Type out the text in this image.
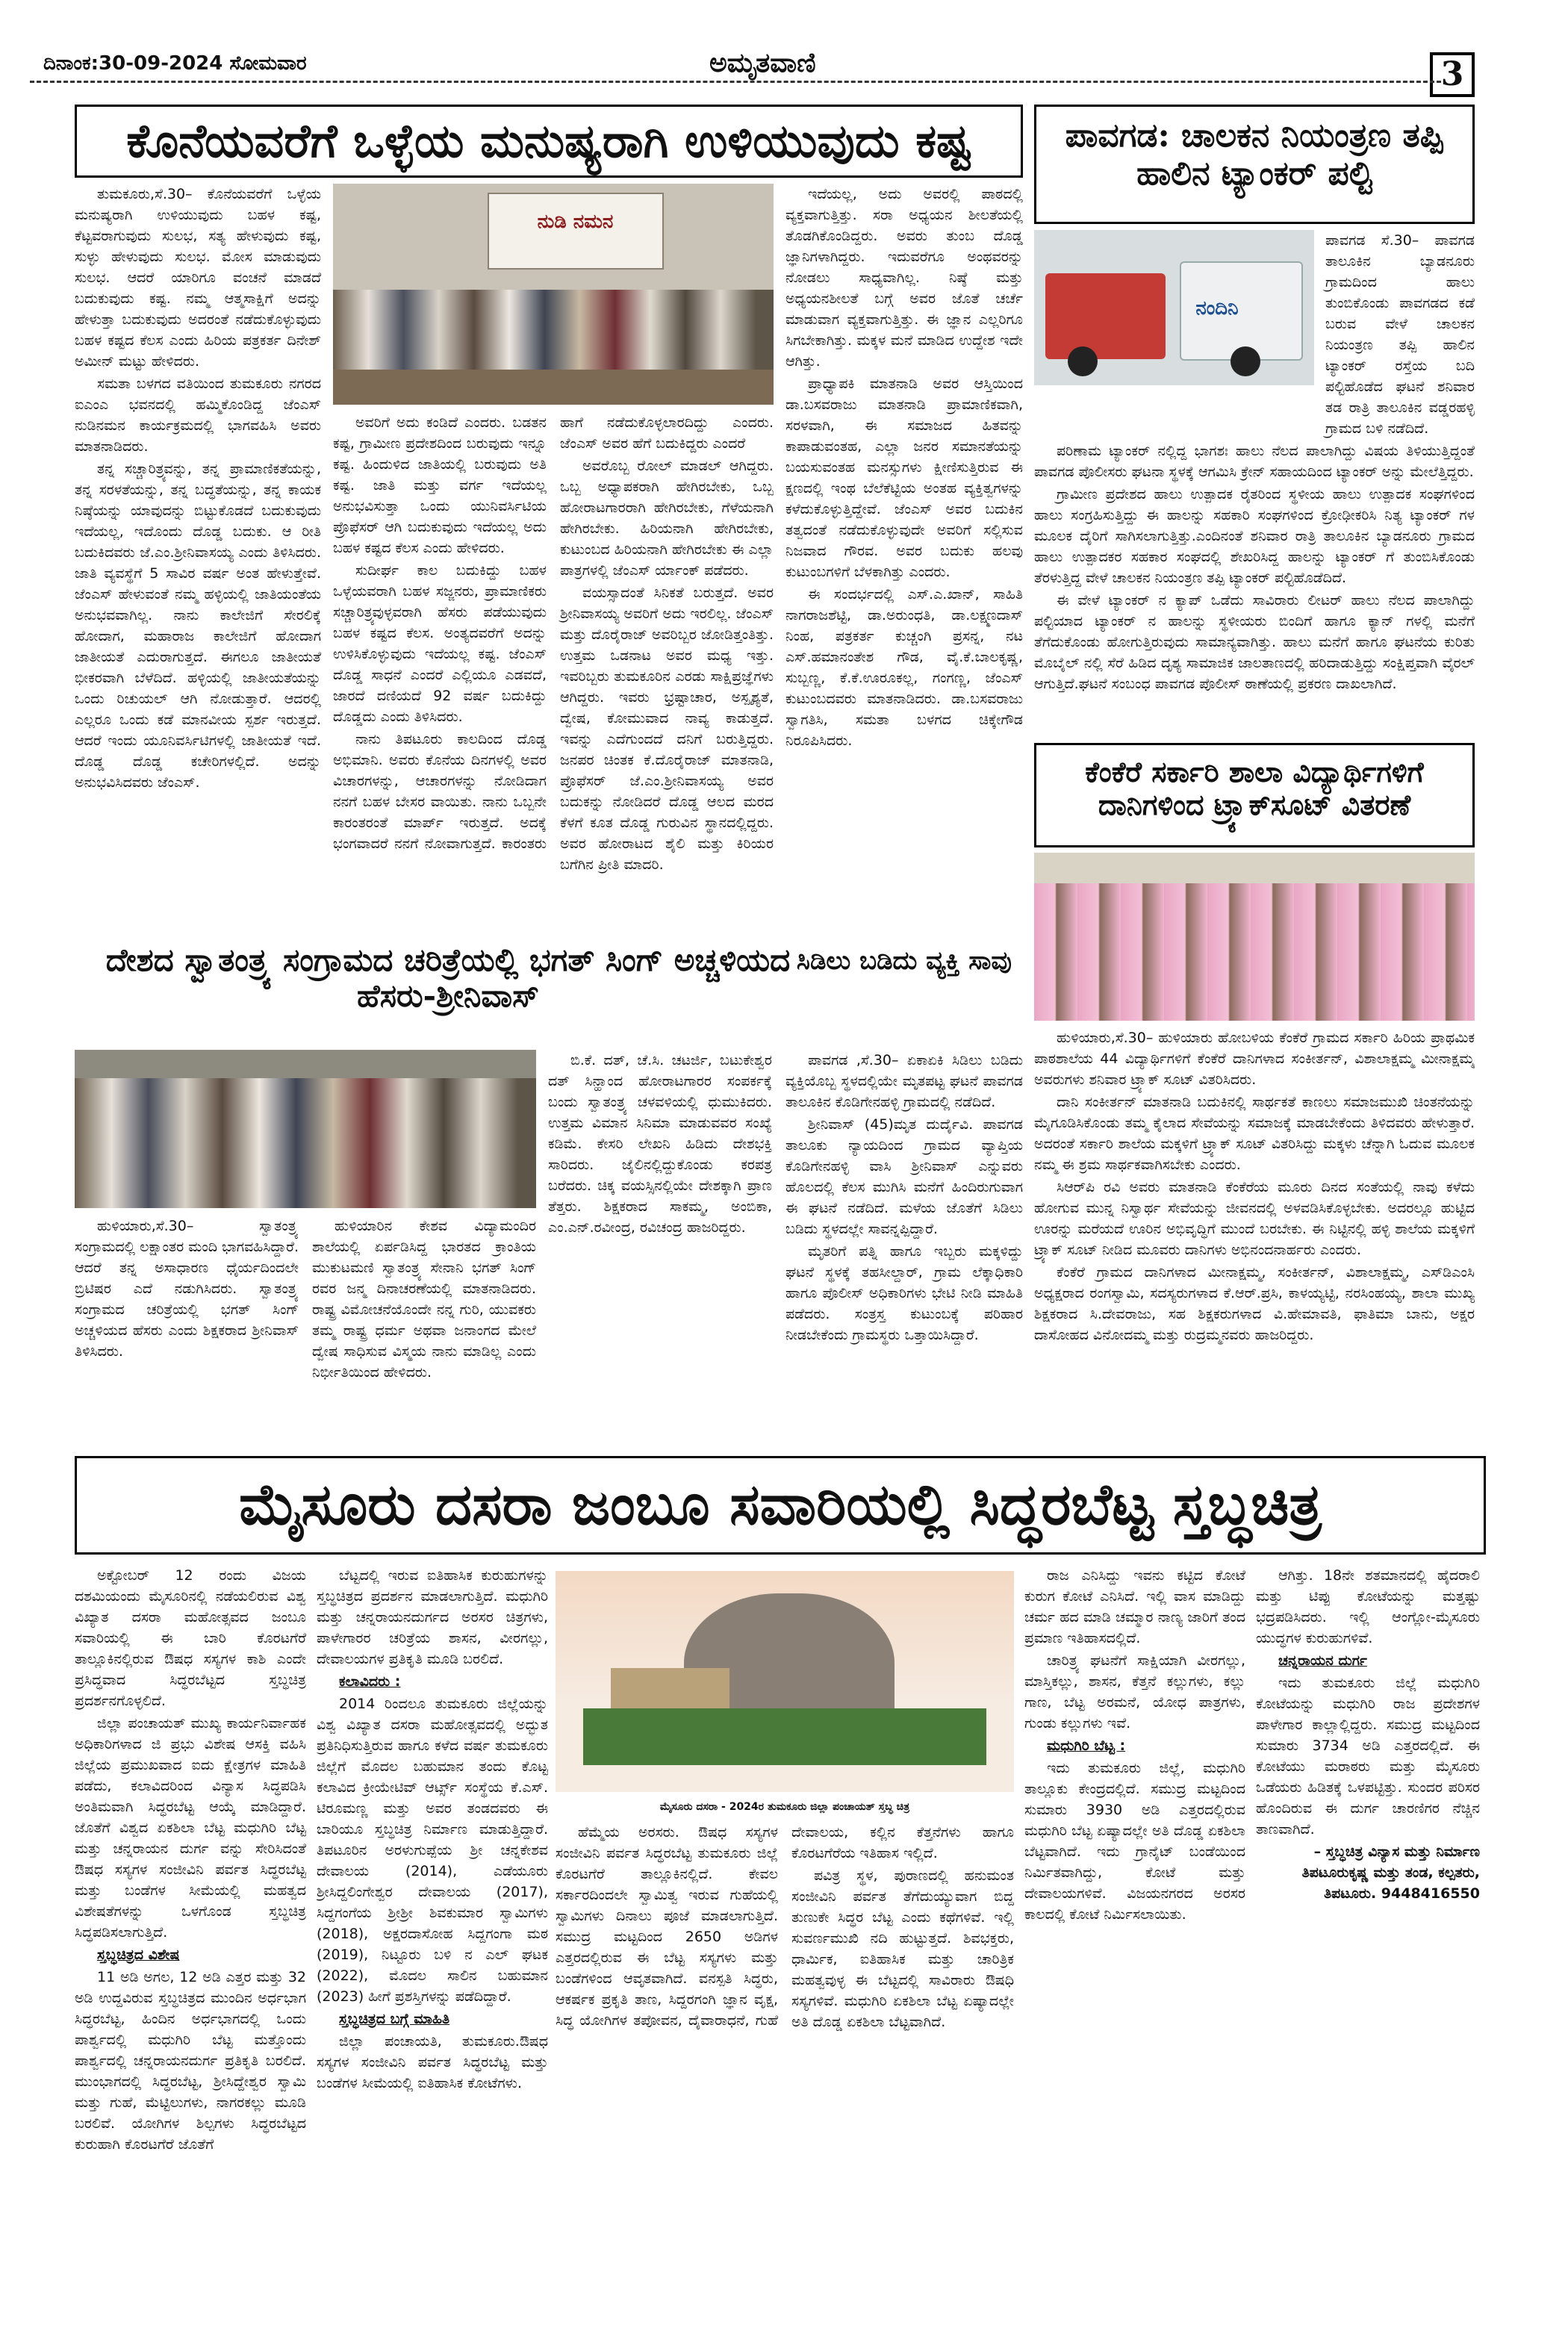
ದಿನಾಂಕ:30-09-2024 ಸೋಮವಾರ	ಅಮೃತವಾಣಿ	3
ಕೊನೆಯವರೆಗೆ ಒಳ್ಳೆಯ ಮನುಷ್ಯರಾಗಿ ಉಳಿಯುವುದು ಕಷ್ಟ
ನುಡಿ ನಮನ

ತುಮಕೂರು,ಸೆ.30– ಕೊನೆಯವರೆಗೆ ಒಳ್ಳೆಯ ಮನುಷ್ಯರಾಗಿ ಉಳಿಯುವುದು ಬಹಳ ಕಷ್ಟ, ಕೆಟ್ಟವರಾಗುವುದು ಸುಲಭ, ಸತ್ಯ ಹೇಳುವುದು ಕಷ್ಟ, ಸುಳ್ಳು ಹೇಳುವುದು ಸುಲಭ. ಮೋಸ ಮಾಡುವುದು ಸುಲಭ. ಆದರೆ ಯಾರಿಗೂ ವಂಚನೆ ಮಾಡದೆ ಬದುಕುವುದು ಕಷ್ಟ. ನಮ್ಮ ಆತ್ಮಸಾಕ್ಷಿಗೆ ಅದನ್ನು ಹೇಳುತ್ತಾ ಬದುಕುವುದು ಅದರಂತೆ ನಡೆದುಕೊಳ್ಳುವುದು ಬಹಳ ಕಷ್ಟದ ಕೆಲಸ ಎಂದು ಹಿರಿಯ ಪತ್ರಕರ್ತ ದಿನೇಶ್ ಅಮೀನ್ ಮಟ್ಟು ಹೇಳಿದರು.

ಸಮತಾ ಬಳಗದ ವತಿಯಿಂದ ತುಮಕೂರು ನಗರದ ಐಎಂಎ ಭವನದಲ್ಲಿ ಹಮ್ಮಿಕೊಂಡಿದ್ದ ಜೆಂಎಸ್ ನುಡಿನಮನ ಕಾರ್ಯಕ್ರಮದಲ್ಲಿ ಭಾಗವಹಿಸಿ ಅವರು ಮಾತನಾಡಿದರು.

ತನ್ನ ಸಚ್ಚಾರಿತ್ರ್ಯವನ್ನು, ತನ್ನ ಪ್ರಾಮಾಣಿಕತೆಯನ್ನು, ತನ್ನ ಸರಳತೆಯನ್ನು, ತನ್ನ ಬದ್ಧತೆಯನ್ನು, ತನ್ನ ಕಾಯಕ ನಿಷ್ಠೆಯನ್ನು ಯಾವುದನ್ನು ಬಿಟ್ಟುಕೊಡದೆ ಬದುಕುವುದು ಇದೆಯಲ್ಲ, ಇದೊಂದು ದೊಡ್ಡ ಬದುಕು. ಆ ರೀತಿ ಬದುಕಿದವರು ಜೆ.ಎಂ.ಶ್ರೀನಿವಾಸಯ್ಯ ಎಂದು ತಿಳಿಸಿದರು. ಜಾತಿ ವ್ಯವಸ್ಥೆಗೆ 5 ಸಾವಿರ ವರ್ಷ ಅಂತ ಹೇಳುತ್ತೇವೆ. ಜೆಂಎಸ್ ಹೇಳುವಂತೆ ನಮ್ಮ ಹಳ್ಳಿಯಲ್ಲಿ ಜಾತಿಯಂತೆಯ ಅನುಭವವಾಗಿಲ್ಲ. ನಾನು ಕಾಲೇಜಿಗೆ ಸೇರಲಿಕ್ಕೆ ಹೋದಾಗ, ಮಹಾರಾಜ ಕಾಲೇಜಿಗೆ ಹೋದಾಗ ಜಾತೀಯತೆ ಎದುರಾಗುತ್ತದೆ. ಈಗಲೂ ಜಾತೀಯತೆ ಭೀಕರವಾಗಿ ಬೆಳೆದಿದೆ. ಹಳ್ಳಿಯಲ್ಲಿ ಜಾತೀಯತೆಯನ್ನು ಒಂದು ರಿಚುಯಲ್ ಆಗಿ ನೋಡುತ್ತಾರೆ. ಆದರಲ್ಲಿ ಎಲ್ಲರೂ ಒಂದು ಕಡೆ ಮಾನವೀಯ ಸ್ಪರ್ಶ ಇರುತ್ತದೆ. ಆದರೆ ಇಂದು ಯೂನಿವರ್ಸಿಟಿಗಳಲ್ಲಿ ಜಾತೀಯತೆ ಇದೆ. ದೊಡ್ಡ ದೊಡ್ಡ ಕಚೇರಿಗಳಲ್ಲಿದೆ. ಅದನ್ನು ಅನುಭವಿಸಿದವರು ಜೆಂಎಸ್.

ಅವರಿಗೆ ಅದು ಕಂಡಿದೆ ಎಂದರು. ಬಡತನ ಕಷ್ಟ, ಗ್ರಾಮೀಣ ಪ್ರದೇಶದಿಂದ ಬರುವುದು ಇನ್ನೂ ಕಷ್ಟ. ಹಿಂದುಳಿದ ಜಾತಿಯಲ್ಲಿ ಬರುವುದು ಅತಿ ಕಷ್ಟ. ಜಾತಿ ಮತ್ತು ವರ್ಗ ಇದೆಯಲ್ಲ ಅನುಭವಿಸುತ್ತಾ ಒಂದು ಯುನಿವರ್ಸಿಟಿಯ ಪ್ರೊಫೆಸರ್ ಆಗಿ ಬದುಕುವುದು ಇದೆಯಲ್ಲ ಅದು ಬಹಳ ಕಷ್ಟದ ಕೆಲಸ ಎಂದು ಹೇಳಿದರು.

ಸುದೀರ್ಘ ಕಾಲ ಬದುಕಿದ್ದು ಬಹಳ ಒಳ್ಳೆಯವರಾಗಿ ಬಹಳ ಸಜ್ಜನರು, ಪ್ರಾಮಾಣಿಕರು ಸಚ್ಚಾರಿತ್ರ್ಯವುಳ್ಳವರಾಗಿ ಹೆಸರು ಪಡೆಯುವುದು ಬಹಳ ಕಷ್ಟದ ಕೆಲಸ. ಅಂತ್ಯದವರೆಗೆ ಅದನ್ನು ಉಳಿಸಿಕೊಳ್ಳುವುದು ಇದೆಯಲ್ಲ ಕಷ್ಟ. ಜೆಂಎಸ್ ದೊಡ್ಡ ಸಾಧನೆ ಎಂದರೆ ಎಲ್ಲಿಯೂ ಎಡವದೆ, ಜಾರದೆ ದಣಿಯದೆ 92 ವರ್ಷ ಬದುಕಿದ್ದು ದೊಡ್ಡದು ಎಂದು ತಿಳಿಸಿದರು.

ನಾನು ತಿಪಟೂರು ಕಾಲದಿಂದ ದೊಡ್ಡ ಅಭಿಮಾನಿ. ಅವರು ಕೊನೆಯ ದಿನಗಳಲ್ಲಿ ಅವರ ವಿಚಾರಗಳನ್ನು, ಆಚಾರಗಳನ್ನು ನೋಡಿದಾಗ ನನಗೆ ಬಹಳ ಬೇಸರ ವಾಯಿತು. ನಾನು ಒಬ್ಬನೇ ಕಾರಂತರಂತೆ ಮಾರ್ಪ್ ಇರುತ್ತದೆ. ಅದಕ್ಕೆ ಭಂಗವಾದರೆ ನನಗೆ ನೋವಾಗುತ್ತದೆ. ಕಾರಂತರು ಹಾಗೆ ನಡೆದುಕೊಳ್ಳಲಾರದಿದ್ದು ಎಂದರು. ಜೆಂಎಸ್ ಅವರ ಹೆಗೆ ಬದುಕಿದ್ದರು ಎಂದರೆ

ಅವರೊಬ್ಬ ರೋಲ್ ಮಾಡಲ್ ಆಗಿದ್ದರು. ಒಬ್ಬ ಅಧ್ಯಾಪಕರಾಗಿ ಹೇಗಿರಬೇಕು, ಒಬ್ಬ ಹೋರಾಟಗಾರರಾಗಿ ಹೇಗಿರಬೇಕು, ಗೆಳೆಯನಾಗಿ ಹೇಗಿರಬೇಕು. ಹಿರಿಯನಾಗಿ ಹೇಗಿರಬೇಕು, ಕುಟುಂಬದ ಹಿರಿಯನಾಗಿ ಹೇಗಿರಬೇಕು ಈ ಎಲ್ಲಾ ಪಾತ್ರಗಳಲ್ಲಿ ಜೆಂಎಸ್ ರ್ಯಾಂಕ್ ಪಡೆದರು.

ವಯಸ್ಸಾದಂತೆ ಸಿನಿಕತೆ ಬರುತ್ತದೆ. ಅವರ ಶ್ರೀನಿವಾಸಯ್ಯ ಅವರಿಗೆ ಅದು ಇರಲಿಲ್ಲ. ಜೆಂಎಸ್ ಮತ್ತು ದೊರೈರಾಜ್ ಅವರಿಬ್ಬರ ಜೋಡಿತ್ತಂತಿತ್ತು. ಉತ್ತಮ ಒಡನಾಟ ಅವರ ಮಧ್ಯ ಇತ್ತು. ಇವರಿಬ್ಬರು ತುಮಕೂರಿನ ಎರಡು ಸಾಕ್ಷಿಪ್ರಜ್ಞೆಗಳು ಆಗಿದ್ದರು. ಇವರು ಭ್ರಷ್ಟಾಚಾರ, ಅಸ್ಪೃಶ್ಯತೆ, ದ್ವೇಷ, ಕೋಮುವಾದ ನಾವ್ಯ ಕಾಡುತ್ತದೆ. ಇವನ್ನು ಎದೆಗುಂದದೆ ದನಿಗೆ ಬರುತ್ತಿದ್ದರು. ಜನಪರ ಚಿಂತಕ ಕೆ.ದೊರೈರಾಜ್ ಮಾತನಾಡಿ, ಪ್ರೊಫೆಸರ್ ಜೆ.ಎಂ.ಶ್ರೀನಿವಾಸಯ್ಯ ಅವರ ಬದುಕನ್ನು ನೋಡಿದರೆ ದೊಡ್ಡ ಆಲದ ಮರದ ಕೆಳಗೆ ಕೂತ ದೊಡ್ಡ ಗುರುವಿನ ಸ್ಥಾನದಲ್ಲಿದ್ದರು. ಅವರ ಹೋರಾಟದ ಶೈಲಿ ಮತ್ತು ಕಿರಿಯರ ಬಗೆಗಿನ ಪ್ರೀತಿ ಮಾದರಿ.

ಇದೆಯಲ್ಲ, ಅದು ಅವರಲ್ಲಿ ಪಾಠದಲ್ಲಿ ವ್ಯಕ್ತವಾಗುತ್ತಿತ್ತು. ಸರಾ ಅಧ್ಯಯನ ಶೀಲತೆಯಲ್ಲಿ ತೊಡಗಿಕೊಂಡಿದ್ದರು. ಅವರು ತುಂಬ ದೊಡ್ಡ ಜ್ಞಾನಿಗಳಾಗಿದ್ದರು. ಇದುವರೆಗೂ ಅಂಥವರನ್ನು ನೋಡಲು ಸಾಧ್ಯವಾಗಿಲ್ಲ. ನಿಷ್ಠೆ ಮತ್ತು ಅಧ್ಯಯನಶೀಲತೆ ಬಗ್ಗೆ ಅವರ ಜೊತೆ ಚರ್ಚೆ ಮಾಡುವಾಗ ವ್ಯಕ್ತವಾಗುತ್ತಿತ್ತು. ಈ ಜ್ಞಾನ ಎಲ್ಲರಿಗೂ ಸಿಗಬೇಕಾಗಿತ್ತು. ಮಕ್ಕಳ ಮನೆ ಮಾಡಿದ ಉದ್ದೇಶ ಇದೇ ಆಗಿತ್ತು.

ಪ್ರಾಧ್ಯಾಪಕಿ ಮಾತನಾಡಿ ಅವರ ಆಸ್ತಿಯಿಂದ ಡಾ.ಬಸವರಾಜು ಮಾತನಾಡಿ ಪ್ರಾಮಾಣಿಕವಾಗಿ, ಸರಳವಾಗಿ, ಈ ಸಮಾಜದ ಹಿತವನ್ನು ಕಾಪಾಡುವಂತಹ, ಎಲ್ಲಾ ಜನರ ಸಮಾನತೆಯನ್ನು ಬಯಸುವಂತಹ ಮನಸ್ಸುಗಳು ಕ್ಷೀಣಿಸುತ್ತಿರುವ ಈ ಕ್ಷಣದಲ್ಲಿ ಇಂಥ ಬೆಲೆಕೆಟ್ಟಿಯ ಅಂತಹ ವ್ಯಕ್ತಿತ್ವಗಳನ್ನು ಕಳೆದುಕೊಳ್ಳುತ್ತಿದ್ದೇವೆ. ಜೆಂಎಸ್ ಅವರ ಬದುಕಿನ ತತ್ವದಂತೆ ನಡೆದುಕೊಳ್ಳುವುದೇ ಅವರಿಗೆ ಸಲ್ಲಿಸುವ ನಿಜವಾದ ಗೌರವ. ಅವರ ಬದುಕು ಹಲವು ಕುಟುಂಬಗಳಿಗೆ ಬೆಳಕಾಗಿತ್ತು ಎಂದರು.

ಈ ಸಂದರ್ಭದಲ್ಲಿ ಎಸ್.ಎ.ಖಾನ್, ಸಾಹಿತಿ ನಾಗರಾಜಶೆಟ್ಟಿ, ಡಾ.ಅರುಂಧತಿ, ಡಾ.ಲಕ್ಷ್ಮಣದಾಸ್ ನಿಂಹ, ಪತ್ರಕರ್ತ ಕುಚ್ಚಂಗಿ ಪ್ರಸನ್ನ, ನಟ ಎಸ್.ಹಮಾನಂತೇಶ ಗೌಡ, ವೈ.ಕೆ.ಬಾಲಕೃಷ್ಣ, ಸುಬ್ಬಣ್ಣ, ಕೆ.ಕೆ.ಊರೂಕಲ್ಲ, ಗಂಗಣ್ಣ, ಜೆಂಎಸ್ ಕುಟುಂಬದವರು ಮಾತನಾಡಿದರು. ಡಾ.ಬಸವರಾಜು ಸ್ವಾಗತಿಸಿ, ಸಮತಾ ಬಳಗದ ಚಿಕ್ಕೇಗೌಡ ನಿರೂಪಿಸಿದರು.

ಪಾವಗಡ: ಚಾಲಕನ ನಿಯಂತ್ರಣ ತಪ್ಪಿ ಹಾಲಿನ ಟ್ಯಾಂಕರ್ ಪಲ್ಟಿ
ನಂದಿನಿ

ಪಾವಗಡ ಸೆ.30– ಪಾವಗಡ ತಾಲೂಕಿನ ಬ್ಯಾಡನೂರು ಗ್ರಾಮದಿಂದ ಹಾಲು ತುಂಬಿಕೊಂಡು ಪಾವಗಡದ ಕಡೆ ಬರುವ ವೇಳೆ ಚಾಲಕನ ನಿಯಂತ್ರಣ ತಪ್ಪಿ ಹಾಲಿನ ಟ್ಯಾಂಕರ್ ರಸ್ತೆಯ ಬದಿ ಪಲ್ಟಿಹೊಡೆದ ಘಟನೆ ಶನಿವಾರ ತಡ ರಾತ್ರಿ ತಾಲೂಕಿನ ವಡ್ಡರಹಳ್ಳಿ ಗ್ರಾಮದ ಬಳಿ ನಡೆದಿದೆ.

ಪರಿಣಾಮ ಟ್ಯಾಂಕರ್ ನಲ್ಲಿದ್ದ ಭಾಗಶಃ ಹಾಲು ನೆಲದ ಪಾಲಾಗಿದ್ದು ವಿಷಯ ತಿಳಿಯುತ್ತಿದ್ದಂತೆ ಪಾವಗಡ ಪೊಲೀಸರು ಘಟನಾ ಸ್ಥಳಕ್ಕೆ ಆಗಮಿಸಿ ಕ್ರೇನ್ ಸಹಾಯದಿಂದ ಟ್ಯಾಂಕರ್ ಅನ್ನು ಮೇಲೆತ್ತಿದ್ದರು.

ಗ್ರಾಮೀಣ ಪ್ರದೇಶದ ಹಾಲು ಉತ್ಪಾದಕ ರೈತರಿಂದ ಸ್ಥಳೀಯ ಹಾಲು ಉತ್ಪಾದಕ ಸಂಘಗಳಿಂದ ಹಾಲು ಸಂಗ್ರಹಿಸುತ್ತಿದ್ದು ಈ ಹಾಲನ್ನು ಸಹಕಾರಿ ಸಂಘಗಳಿಂದ ಕ್ರೋಢೀಕರಿಸಿ ನಿತ್ಯ ಟ್ಯಾಂಕರ್ ಗಳ ಮೂಲಕ ದೈರಿಗೆ ಸಾಗಿಸಲಾಗುತ್ತಿತ್ತು.ಎಂದಿನಂತೆ ಶನಿವಾರ ರಾತ್ರಿ ತಾಲೂಕಿನ ಬ್ಯಾಡನೂರು ಗ್ರಾಮದ ಹಾಲು ಉತ್ಪಾದಕರ ಸಹಕಾರ ಸಂಘದಲ್ಲಿ ಶೇಖರಿಸಿದ್ದ ಹಾಲನ್ನು ಟ್ಯಾಂಕರ್ ಗೆ ತುಂಬಿಸಿಕೊಂಡು ತೆರಳುತ್ತಿದ್ದ ವೇಳೆ ಚಾಲಕನ ನಿಯಂತ್ರಣ ತಪ್ಪಿ ಟ್ಯಾಂಕರ್ ಪಲ್ಟಿಹೊಡೆದಿದೆ.

ಈ ವೇಳೆ ಟ್ಯಾಂಕರ್ ನ ಕ್ಯಾಪ್ ಒಡೆದು ಸಾವಿರಾರು ಲೀಟರ್ ಹಾಲು ನೆಲದ ಪಾಲಾಗಿದ್ದು ಪಲ್ಟಿಯಾದ ಟ್ಯಾಂಕರ್ ನ ಹಾಲನ್ನು ಸ್ಥಳೀಯರು ಬಿಂದಿಗೆ ಹಾಗೂ ಕ್ಯಾನ್ ಗಳಲ್ಲಿ ಮನೆಗೆ ತೆಗೆದುಕೊಂಡು ಹೋಗುತ್ತಿರುವುದು ಸಾಮಾನ್ಯವಾಗಿತ್ತು. ಹಾಲು ಮನೆಗೆ ಹಾಗೂ ಘಟನೆಯ ಕುರಿತು ಮೊಬೈಲ್ ನಲ್ಲಿ ಸೆರೆ ಹಿಡಿದ ದೃಶ್ಯ ಸಾಮಾಜಿಕ ಜಾಲತಾಣದಲ್ಲಿ ಹರಿದಾಡುತ್ತಿದ್ದು ಸಂಕ್ಷಿಪ್ತವಾಗಿ ವೈರಲ್ ಆಗುತ್ತಿದೆ.ಘಟನೆ ಸಂಬಂಧ ಪಾವಗಡ ಪೊಲೀಸ್ ಠಾಣೆಯಲ್ಲಿ ಪ್ರಕರಣ ದಾಖಲಾಗಿದೆ.

ಕೆಂಕೆರೆ ಸರ್ಕಾರಿ ಶಾಲಾ ವಿದ್ಯಾರ್ಥಿಗಳಿಗೆ ದಾನಿಗಳಿಂದ ಟ್ರ್ಯಾಕ್‌ಸೂಟ್ ವಿತರಣೆ

ಹುಳಿಯಾರು,ಸೆ.30– ಹುಳಿಯಾರು ಹೋಬಳಿಯ ಕೆಂಕೆರೆ ಗ್ರಾಮದ ಸರ್ಕಾರಿ ಹಿರಿಯ ಪ್ರಾಥಮಿಕ ಪಾಠಶಾಲೆಯ 44 ವಿದ್ಯಾರ್ಥಿಗಳಿಗೆ ಕೆಂಕೆರೆ ದಾನಿಗಳಾದ ಸಂಕೀರ್ತನ್, ವಿಶಾಲಾಕ್ಷಮ್ಮ ಮೀನಾಕ್ಷಮ್ಮ ಅವರುಗಳು ಶನಿವಾರ ಟ್ರ್ಯಾಕ್ ಸೂಟ್ ವಿತರಿಸಿದರು.

ದಾನಿ ಸಂಕೀರ್ತನ್ ಮಾತನಾಡಿ ಬದುಕಿನಲ್ಲಿ ಸಾರ್ಥಕತೆ ಕಾಣಲು ಸಮಾಜಮುಖಿ ಚಿಂತನೆಯನ್ನು ಮೈಗೂಡಿಸಿಕೊಂಡು ತಮ್ಮ ಕೈಲಾದ ಸೇವೆಯನ್ನು ಸಮಾಜಕ್ಕೆ ಮಾಡಬೇಕೆಂದು ತಿಳಿದವರು ಹೇಳುತ್ತಾರೆ. ಅದರಂತೆ ಸರ್ಕಾರಿ ಶಾಲೆಯ ಮಕ್ಕಳಿಗೆ ಟ್ರ್ಯಾಕ್ ಸೂಟ್ ವಿತರಿಸಿದ್ದು ಮಕ್ಕಳು ಚೆನ್ನಾಗಿ ಓದುವ ಮೂಲಕ ನಮ್ಮ ಈ ಶ್ರಮ ಸಾರ್ಥಕವಾಗಿಸಬೇಕು ಎಂದರು.

ಸಿಆರ್‌ಪಿ ರವಿ ಅವರು ಮಾತನಾಡಿ ಕೆಂಕೆರೆಯ ಮೂರು ದಿನದ ಸಂತೆಯಲ್ಲಿ ನಾವು ಕಳೆದು ಹೋಗುವ ಮುನ್ನ ನಿಸ್ವಾರ್ಥ ಸೇವೆಯನ್ನು ಜೀವನದಲ್ಲಿ ಅಳವಡಿಸಿಕೊಳ್ಳಬೇಕು. ಅದರಲ್ಲೂ ಹುಟ್ಟಿದ ಊರನ್ನು ಮರೆಯದೆ ಊರಿನ ಅಭಿವೃದ್ಧಿಗೆ ಮುಂದೆ ಬರಬೇಕು. ಈ ನಿಟ್ಟಿನಲ್ಲಿ ಹಳ್ಳಿ ಶಾಲೆಯ ಮಕ್ಕಳಿಗೆ ಟ್ರ್ಯಾಕ್ ಸೂಟ್ ನೀಡಿದ ಮೂವರು ದಾನಿಗಳು ಅಭಿನಂದನಾರ್ಹರು ಎಂದರು.

ಕೆಂಕೆರೆ ಗ್ರಾಮದ ದಾನಿಗಳಾದ ಮೀನಾಕ್ಷಮ್ಮ, ಸಂಕೀರ್ತನ್, ವಿಶಾಲಾಕ್ಷಮ್ಮ, ಎಸ್‌ಡಿಎಂಸಿ ಅಧ್ಯಕ್ಷರಾದ ರಂಗಸ್ವಾಮಿ, ಸದಸ್ಯರುಗಳಾದ ಕೆ.ಆರ್.ಪ್ರಸಿ, ಕಾಳಯ್ಯಟ್ಟಿ, ನರಸಿಂಹಯ್ಯ, ಶಾಲಾ ಮುಖ್ಯ ಶಿಕ್ಷಕರಾದ ಸಿ.ದೇವರಾಜು, ಸಹ ಶಿಕ್ಷಕರುಗಳಾದ ವಿ.ಹೇಮಾವತಿ, ಫಾತಿಮಾ ಬಾನು, ಅಕ್ಷರ ದಾಸೋಹದ ವಿನೋದಮ್ಮ ಮತ್ತು ರುದ್ರಮ್ಮನವರು ಹಾಜರಿದ್ದರು.

ದೇಶದ ಸ್ವಾತಂತ್ರ್ಯ ಸಂಗ್ರಾಮದ ಚರಿತ್ರೆಯಲ್ಲಿ ಭಗತ್ ಸಿಂಗ್ ಅಚ್ಚಳಿಯದ ಹೆಸರು-ಶ್ರೀನಿವಾಸ್

ಹುಳಿಯಾರು,ಸೆ.30– ಸ್ವಾತಂತ್ರ್ಯ ಸಂಗ್ರಾಮದಲ್ಲಿ ಲಕ್ಷಾಂತರ ಮಂದಿ ಭಾಗವಹಿಸಿದ್ದಾರೆ. ಆದರೆ ತನ್ನ ಅಸಾಧಾರಣ ಧೈರ್ಯದಿಂದಲೇ ಬ್ರಿಟಿಷರ ಎದೆ ನಡುಗಿಸಿದರು. ಸ್ವಾತಂತ್ರ್ಯ ಸಂಗ್ರಾಮದ ಚರಿತ್ರೆಯಲ್ಲಿ ಭಗತ್ ಸಿಂಗ್ ಅಚ್ಚಳಿಯದ ಹೆಸರು ಎಂದು ಶಿಕ್ಷಕರಾದ ಶ್ರೀನಿವಾಸ್ ತಿಳಿಸಿದರು.

ಹುಳಿಯಾರಿನ ಕೇಶವ ವಿದ್ಯಾಮಂದಿರ ಶಾಲೆಯಲ್ಲಿ ಏರ್ಪಡಿಸಿದ್ದ ಭಾರತದ ಕ್ರಾಂತಿಯ ಮುಕುಟಮಣಿ ಸ್ವಾತಂತ್ರ್ಯ ಸೇನಾನಿ ಭಗತ್ ಸಿಂಗ್ ರವರ ಜನ್ಮ ದಿನಾಚರಣೆಯಲ್ಲಿ ಮಾತನಾಡಿದರು. ರಾಷ್ಟ್ರ ವಿಮೋಚನೆಯೊಂದೇ ನನ್ನ ಗುರಿ, ಯುವಕರು ತಮ್ಮ ರಾಷ್ಟ್ರ ಧರ್ಮ ಅಥವಾ ಜನಾಂಗದ ಮೇಲೆ ದ್ವೇಷ ಸಾಧಿಸುವ ವಿಸ್ಮಯ ನಾನು ಮಾಡಿಲ್ಲ ಎಂದು ನಿರ್ಭೀತಿಯಿಂದ ಹೇಳಿದರು.

ಬಿ.ಕೆ. ದತ್, ಚೆ.ಸಿ. ಚಟರ್ಜಿ, ಬಟುಕೇಶ್ವರ ದತ್ ಸಿನ್ಹಾಂದ ಹೋರಾಟಗಾರರ ಸಂಪರ್ಕಕ್ಕೆ ಬಂದು ಸ್ವಾತಂತ್ರ್ಯ ಚಳವಳಿಯಲ್ಲಿ ಧುಮುಕಿದರು. ಉತ್ತಮ ವಿಮಾನ ಸಿನಿಮಾ ಮಾಡುವವರ ಸಂಖ್ಯೆ ಕಡಿಮೆ. ಕೇಸರಿ ಲೇಖನಿ ಹಿಡಿದು ದೇಶಭಕ್ತಿ ಸಾರಿದರು. ಜೈಲಿನಲ್ಲಿದ್ದುಕೊಂಡು ಕರಪತ್ರ ಬರೆದರು. ಚಿಕ್ಕ ವಯಸ್ಸಿನಲ್ಲಿಯೇ ದೇಶಕ್ಕಾಗಿ ಪ್ರಾಣ ತೆತ್ತರು. ಶಿಕ್ಷಕರಾದ ಸಾಕಮ್ಮ, ಅಂಬಿಕಾ, ಎಂ.ಎನ್.ರವೀಂದ್ರ, ರವಿಚಂದ್ರ ಹಾಜರಿದ್ದರು.

ಸಿಡಿಲು ಬಡಿದು ವ್ಯಕ್ತಿ ಸಾವು

ಪಾವಗಡ ,ಸೆ.30– ಏಕಾಏಕಿ ಸಿಡಿಲು ಬಡಿದು ವ್ಯಕ್ತಿಯೊಬ್ಬ ಸ್ಥಳದಲ್ಲಿಯೇ ಮೃತಪಟ್ಟ ಘಟನೆ ಪಾವಗಡ ತಾಲೂಕಿನ ಕೊಡಿಗೇನಹಳ್ಳಿ ಗ್ರಾಮದಲ್ಲಿ ನಡೆದಿದೆ.

ಶ್ರೀನಿವಾಸ್ (45)ಮೃತ ದುರ್ದೈವಿ. ಪಾವಗಡ ತಾಲೂಕು ನ್ಯಾಯದಿಂದ ಗ್ರಾಮದ ವ್ಯಾಪ್ತಿಯ ಕೊಡಿಗೇನಹಳ್ಳಿ ವಾಸಿ ಶ್ರೀನಿವಾಸ್ ಎನ್ನುವರು ಹೊಲದಲ್ಲಿ ಕೆಲಸ ಮುಗಿಸಿ ಮನೆಗೆ ಹಿಂದಿರುಗುವಾಗ ಈ ಘಟನೆ ನಡೆದಿದೆ. ಮಳೆಯ ಜೊತೆಗೆ ಸಿಡಿಲು ಬಡಿದು ಸ್ಥಳದಲ್ಲೇ ಸಾವನ್ನಪ್ಪಿದ್ದಾರೆ.

ಮೃತರಿಗೆ ಪತ್ನಿ ಹಾಗೂ ಇಬ್ಬರು ಮಕ್ಕಳಿದ್ದು ಘಟನೆ ಸ್ಥಳಕ್ಕೆ ತಹಸೀಲ್ದಾರ್, ಗ್ರಾಮ ಲೆಕ್ಕಾಧಿಕಾರಿ ಹಾಗೂ ಪೊಲೀಸ್ ಅಧಿಕಾರಿಗಳು ಭೇಟಿ ನೀಡಿ ಮಾಹಿತಿ ಪಡೆದರು. ಸಂತ್ರಸ್ತ ಕುಟುಂಬಕ್ಕೆ ಪರಿಹಾರ ನೀಡಬೇಕೆಂದು ಗ್ರಾಮಸ್ಥರು ಒತ್ತಾಯಿಸಿದ್ದಾರೆ.

ಮೈಸೂರು ದಸರಾ ಜಂಬೂ ಸವಾರಿಯಲ್ಲಿ ಸಿದ್ಧರಬೆಟ್ಟ ಸ್ತಬ್ಧಚಿತ್ರ

ಅಕ್ಟೋಬರ್ 12 ರಂದು ವಿಜಯ ದಶಮಿಯಂದು ಮೈಸೂರಿನಲ್ಲಿ ನಡೆಯಲಿರುವ ವಿಶ್ವ ವಿಖ್ಯಾತ ದಸರಾ ಮಹೋತ್ಸವದ ಜಂಬೂ ಸವಾರಿಯಲ್ಲಿ ಈ ಬಾರಿ ಕೊರಟಗೆರೆ ತಾಲ್ಲೂಕಿನಲ್ಲಿರುವ ಔಷಧ ಸಸ್ಯಗಳ ಕಾಶಿ ಎಂದೇ ಪ್ರಸಿದ್ಧವಾದ ಸಿದ್ಧರಬೆಟ್ಟದ ಸ್ತಬ್ಧಚಿತ್ರ ಪ್ರದರ್ಶನಗೊಳ್ಳಲಿದೆ.

ಜಿಲ್ಲಾ ಪಂಚಾಯತ್ ಮುಖ್ಯ ಕಾರ್ಯನಿರ್ವಾಹಕ ಅಧಿಕಾರಿಗಳಾದ ಜಿ ಪ್ರಭು ವಿಶೇಷ ಆಸಕ್ತಿ ವಹಿಸಿ ಜಿಲ್ಲೆಯ ಪ್ರಮುಖವಾದ ಐದು ಕ್ಷೇತ್ರಗಳ ಮಾಹಿತಿ ಪಡೆದು, ಕಲಾವಿದರಿಂದ ವಿನ್ಯಾಸ ಸಿದ್ಧಪಡಿಸಿ ಅಂತಿಮವಾಗಿ ಸಿದ್ಧರಬೆಟ್ಟ ಆಯ್ಕೆ ಮಾಡಿದ್ದಾರೆ. ಜೊತೆಗೆ ವಿಶ್ವದ ಏಕಶಿಲಾ ಬೆಟ್ಟ ಮಧುಗಿರಿ ಬೆಟ್ಟ ಮತ್ತು ಚನ್ನರಾಯನ ದುರ್ಗ ವನ್ನು ಸೇರಿಸಿದಂತೆ ಔಷಧ ಸಸ್ಯಗಳ ಸಂಜೀವಿನಿ ಪರ್ವತ ಸಿದ್ಧರಬೆಟ್ಟ ಮತ್ತು ಬಂಡೆಗಳ ಸೀಮೆಯಲ್ಲಿ ಮಹತ್ವದ ವಿಶೇಷತೆಗಳನ್ನು ಒಳಗೊಂಡ ಸ್ತಬ್ಧಚಿತ್ರ ಸಿದ್ಧಪಡಿಸಲಾಗುತ್ತಿದೆ.

ಸ್ತಬ್ಧಚಿತ್ರದ ವಿಶೇಷ

11 ಅಡಿ ಅಗಲ, 12 ಅಡಿ ಎತ್ತರ ಮತ್ತು 32 ಅಡಿ ಉದ್ದವಿರುವ ಸ್ತಬ್ಧಚಿತ್ರದ ಮುಂದಿನ ಅರ್ಧಭಾಗ ಸಿದ್ಧರಬೆಟ್ಟ, ಹಿಂದಿನ ಅರ್ಧಭಾಗದಲ್ಲಿ ಒಂದು ಪಾರ್ಶ್ವದಲ್ಲಿ ಮಧುಗಿರಿ ಬೆಟ್ಟ ಮತ್ತೊಂದು ಪಾರ್ಶ್ವದಲ್ಲಿ ಚನ್ನರಾಯನದುರ್ಗ ಪ್ರತಿಕೃತಿ ಬರಲಿದೆ. ಮುಂಭಾಗದಲ್ಲಿ ಸಿದ್ಧರಬೆಟ್ಟ, ಶ್ರೀಸಿದ್ದೇಶ್ವರ ಸ್ವಾಮಿ ಮತ್ತು ಗುಹೆ, ಮೆಟ್ಟಿಲುಗಳು, ನಾಗರಕಲ್ಲು ಮೂಡಿ ಬರಲಿವೆ. ಯೋಗಿಗಳ ಶಿಲ್ಪಗಳು ಸಿದ್ಧರಬೆಟ್ಟದ ಕುರುಹಾಗಿ ಕೊರಟಗೆರೆ ಜೊತೆಗೆ

ಬೆಟ್ಟದಲ್ಲಿ ಇರುವ ಐತಿಹಾಸಿಕ ಕುರುಹುಗಳನ್ನು ಸ್ತಬ್ಧಚಿತ್ರದ ಪ್ರದರ್ಶನ ಮಾಡಲಾಗುತ್ತಿದೆ. ಮಧುಗಿರಿ ಮತ್ತು ಚನ್ನರಾಯನದುರ್ಗದ ಅರಸರ ಚಿತ್ರಗಳು, ಪಾಳೇಗಾರರ ಚರಿತ್ರೆಯ ಶಾಸನ, ವೀರಗಲ್ಲು, ದೇವಾಲಯಗಳ ಪ್ರತಿಕೃತಿ ಮೂಡಿ ಬರಲಿದೆ.

ಕಲಾವಿದರು :

2014 ರಿಂದಲೂ ತುಮಕೂರು ಜಿಲ್ಲೆಯನ್ನು ವಿಶ್ವ ವಿಖ್ಯಾತ ದಸರಾ ಮಹೋತ್ಸವದಲ್ಲಿ ಅದ್ಭುತ ಪ್ರತಿನಿಧಿಸುತ್ತಿರುವ ಹಾಗೂ ಕಳೆದ ವರ್ಷ ತುಮಕೂರು ಜಿಲ್ಲೆಗೆ ಮೊದಲ ಬಹುಮಾನ ತಂದು ಕೊಟ್ಟ ಕಲಾವಿದ ಕ್ರೀಯೇಟಿವ್ ಆರ್ಟ್ಸ್ ಸಂಸ್ಥೆಯ ಕೆ.ಎಸ್. ಟಿರೂಮಣ್ಣ ಮತ್ತು ಅವರ ತಂಡದವರು ಈ ಬಾರಿಯೂ ಸ್ತಬ್ಧಚಿತ್ರ ನಿರ್ಮಾಣ ಮಾಡುತ್ತಿದ್ದಾರೆ. ತಿಪಟೂರಿನ ಅರಳುಗುಪ್ಪೆಯ ಶ್ರೀ ಚನ್ನಕೇಶವ ದೇವಾಲಯ (2014), ಎಡೆಯೂರು ಶ್ರೀಸಿದ್ದಲಿಂಗೇಶ್ವರ ದೇವಾಲಯ (2017), ಸಿದ್ದಗಂಗೆಯ ಶ್ರೀಶ್ರೀ ಶಿವಕುಮಾರ ಸ್ವಾಮಿಗಳು (2018), ಅಕ್ಷರದಾಸೋಹ ಸಿದ್ದಗಂಗಾ ಮಠ (2019), ನಿಟ್ಟೂರು ಬಳಿ ನ ಎಲ್ ಘಟಕ (2022), ಮೊದಲ ಸಾಲಿನ ಬಹುಮಾನ (2023) ಹೀಗೆ ಪ್ರಶಸ್ತಿಗಳನ್ನು ಪಡೆದಿದ್ದಾರೆ.

ಸ್ತಬ್ಧಚಿತ್ರದ ಬಗ್ಗೆ ಮಾಹಿತಿ

ಜಿಲ್ಲಾ ಪಂಚಾಯತಿ, ತುಮಕೂರು.ಔಷಧ ಸಸ್ಯಗಳ ಸಂಜೀವಿನಿ ಪರ್ವತ ಸಿದ್ಧರಬೆಟ್ಟ ಮತ್ತು ಬಂಡೆಗಳ ಸೀಮೆಯಲ್ಲಿ ಐತಿಹಾಸಿಕ ಕೋಟೆಗಳು.

ಮೈಸೂರು ದಸರಾ - 2024ರ ತುಮಕೂರು ಜಿಲ್ಲಾ ಪಂಚಾಯತ್ ಸ್ತಬ್ಧ ಚಿತ್ರ

ಹೆಮ್ಮೆಯ ಅರಸರು. ಔಷಧ ಸಸ್ಯಗಳ ಸಂಜೀವಿನಿ ಪರ್ವತ ಸಿದ್ಧರಬೆಟ್ಟ ತುಮಕೂರು ಜಿಲ್ಲೆ ಕೊರಟಗೆರೆ ತಾಲ್ಲೂಕಿನಲ್ಲಿದೆ. ಕೇವಲ ಸರ್ಕಾರದಿಂದಲೇ ಸ್ವಾಮಿತ್ವ ಇರುವ ಗುಹೆಯಲ್ಲಿ ಸ್ವಾಮಿಗಳು ದಿನಾಲು ಪೂಜೆ ಮಾಡಲಾಗುತ್ತಿದೆ. ಸಮುದ್ರ ಮಟ್ಟದಿಂದ 2650 ಅಡಿಗಳ ಎತ್ತರದಲ್ಲಿರುವ ಈ ಬೆಟ್ಟ ಸಸ್ಯಗಳು ಮತ್ತು ಬಂಡೆಗಳಿಂದ ಆವೃತವಾಗಿದೆ. ವನಸ್ಪತಿ ಸಿದ್ಧರು, ಆಕರ್ಷಕ ಪ್ರಕೃತಿ ತಾಣ, ಸಿದ್ದರಗಂಗಿ ಜ್ಞಾನ ವೃಕ್ಷ, ಸಿದ್ಧ ಯೋಗಿಗಳ ತಪೋವನ, ದೈವಾರಾಧನೆ, ಗುಹೆ ದೇವಾಲಯ, ಕಲ್ಲಿನ ಕೆತ್ತನೆಗಳು ಹಾಗೂ ಕೊರಟಗೆರೆಯ ಇತಿಹಾಸ ಇಲ್ಲಿದೆ.

ಪವಿತ್ರ ಸ್ಥಳ, ಪುರಾಣದಲ್ಲಿ ಹನುಮಂತ ಸಂಜೀವಿನಿ ಪರ್ವತ ತೆಗೆದುಯ್ಯುವಾಗ ಬಿದ್ದ ತುಣುಕೇ ಸಿದ್ಧರ ಬೆಟ್ಟ ಎಂದು ಕಥೆಗಳಿವೆ. ಇಲ್ಲಿ ಸುವರ್ಣಮುಖಿ ನದಿ ಹುಟ್ಟುತ್ತದೆ. ಶಿವಭಕ್ತರು, ಧಾರ್ಮಿಕ, ಐತಿಹಾಸಿಕ ಮತ್ತು ಚಾರಿತ್ರಿಕ ಮಹತ್ವವುಳ್ಳ ಈ ಬೆಟ್ಟದಲ್ಲಿ ಸಾವಿರಾರು ಔಷಧಿ ಸಸ್ಯಗಳಿವೆ. ಮಧುಗಿರಿ ಏಕಶಿಲಾ ಬೆಟ್ಟ ಏಷ್ಯಾದಲ್ಲೇ ಅತಿ ದೊಡ್ಡ ಏಕಶಿಲಾ ಬೆಟ್ಟವಾಗಿದೆ.

ರಾಜ ಎನಿಸಿದ್ದು ಇವನು ಕಟ್ಟಿದ ಕೋಟೆ ಕುರುಗ ಕೋಟೆ ಎನಿಸಿದೆ. ಇಲ್ಲಿ ವಾಸ ಮಾಡಿದ್ದು ಚರ್ಮ ಹದ ಮಾಡಿ ಚಮ್ಮಾರ ನಾಣ್ಯ ಜಾರಿಗೆ ತಂದ ಪ್ರಮಾಣ ಇತಿಹಾಸದಲ್ಲಿದೆ.

ಚಾರಿತ್ರ್ಯ ಘಟನೆಗೆ ಸಾಕ್ಷಿಯಾಗಿ ವೀರಗಲ್ಲು, ಮಾಸ್ತಿಕಲ್ಲು, ಶಾಸನ, ಕೆತ್ತನೆ ಕಲ್ಲುಗಳು, ಕಲ್ಲು ಗಾಣ, ಬೆಟ್ಟ ಅರಮನೆ, ಯೋಧ ಪಾತ್ರಗಳು, ಗುಂಡು ಕಲ್ಲುಗಳು ಇವೆ.

ಮಧುಗಿರಿ ಬೆಟ್ಟ :

ಇದು ತುಮಕೂರು ಜಿಲ್ಲೆ, ಮಧುಗಿರಿ ತಾಲ್ಲೂಕು ಕೇಂದ್ರದಲ್ಲಿದೆ. ಸಮುದ್ರ ಮಟ್ಟದಿಂದ ಸುಮಾರು 3930 ಅಡಿ ಎತ್ತರದಲ್ಲಿರುವ ಮಧುಗಿರಿ ಬೆಟ್ಟ ಏಷ್ಯಾದಲ್ಲೇ ಅತಿ ದೊಡ್ಡ ಏಕಶಿಲಾ ಬೆಟ್ಟವಾಗಿದೆ. ಇದು ಗ್ರಾನೈಟ್ ಬಂಡೆಯಿಂದ ನಿರ್ಮಿತವಾಗಿದ್ದು, ಕೋಟೆ ಮತ್ತು ದೇವಾಲಯಗಳಿವೆ. ವಿಜಯನಗರದ ಅರಸರ ಕಾಲದಲ್ಲಿ ಕೋಟೆ ನಿರ್ಮಿಸಲಾಯಿತು.

ಆಗಿತ್ತು. 18ನೇ ಶತಮಾನದಲ್ಲಿ ಹೈದರಾಲಿ ಮತ್ತು ಟಿಪ್ಪು ಕೋಟೆಯನ್ನು ಮತ್ತಷ್ಟು ಭದ್ರಪಡಿಸಿದರು. ಇಲ್ಲಿ ಆಂಗ್ಲೋ-ಮೈಸೂರು ಯುದ್ಧಗಳ ಕುರುಹುಗಳಿವೆ.

ಚನ್ನರಾಯನ ದುರ್ಗ

ಇದು ತುಮಕೂರು ಜಿಲ್ಲೆ ಮಧುಗಿರಿ ಕೋಟೆಯನ್ನು ಮಧುಗಿರಿ ರಾಜ ಪ್ರದೇಶಗಳ ಪಾಳೇಗಾರ ಕಾಲ್ಲಾಲ್ಲಿದ್ದರು. ಸಮುದ್ರ ಮಟ್ಟದಿಂದ ಸುಮಾರು 3734 ಅಡಿ ಎತ್ತರದಲ್ಲಿದೆ. ಈ ಕೋಟೆಯು ಮರಾಠರು ಮತ್ತು ಮೈಸೂರು ಒಡೆಯರು ಹಿಡಿತಕ್ಕೆ ಒಳಪಟ್ಟಿತ್ತು. ಸುಂದರ ಪರಿಸರ ಹೊಂದಿರುವ ಈ ದುರ್ಗ ಚಾರಣಿಗರ ನೆಚ್ಚಿನ ತಾಣವಾಗಿದೆ.

– ಸ್ತಬ್ಧಚಿತ್ರ ವಿನ್ಯಾಸ ಮತ್ತು ನಿರ್ಮಾಣ ತಿಪಟೂರುಕೃಷ್ಣ ಮತ್ತು ತಂಡ, ಕಲ್ಪತರು, ತಿಪಟೂರು. 9448416550
